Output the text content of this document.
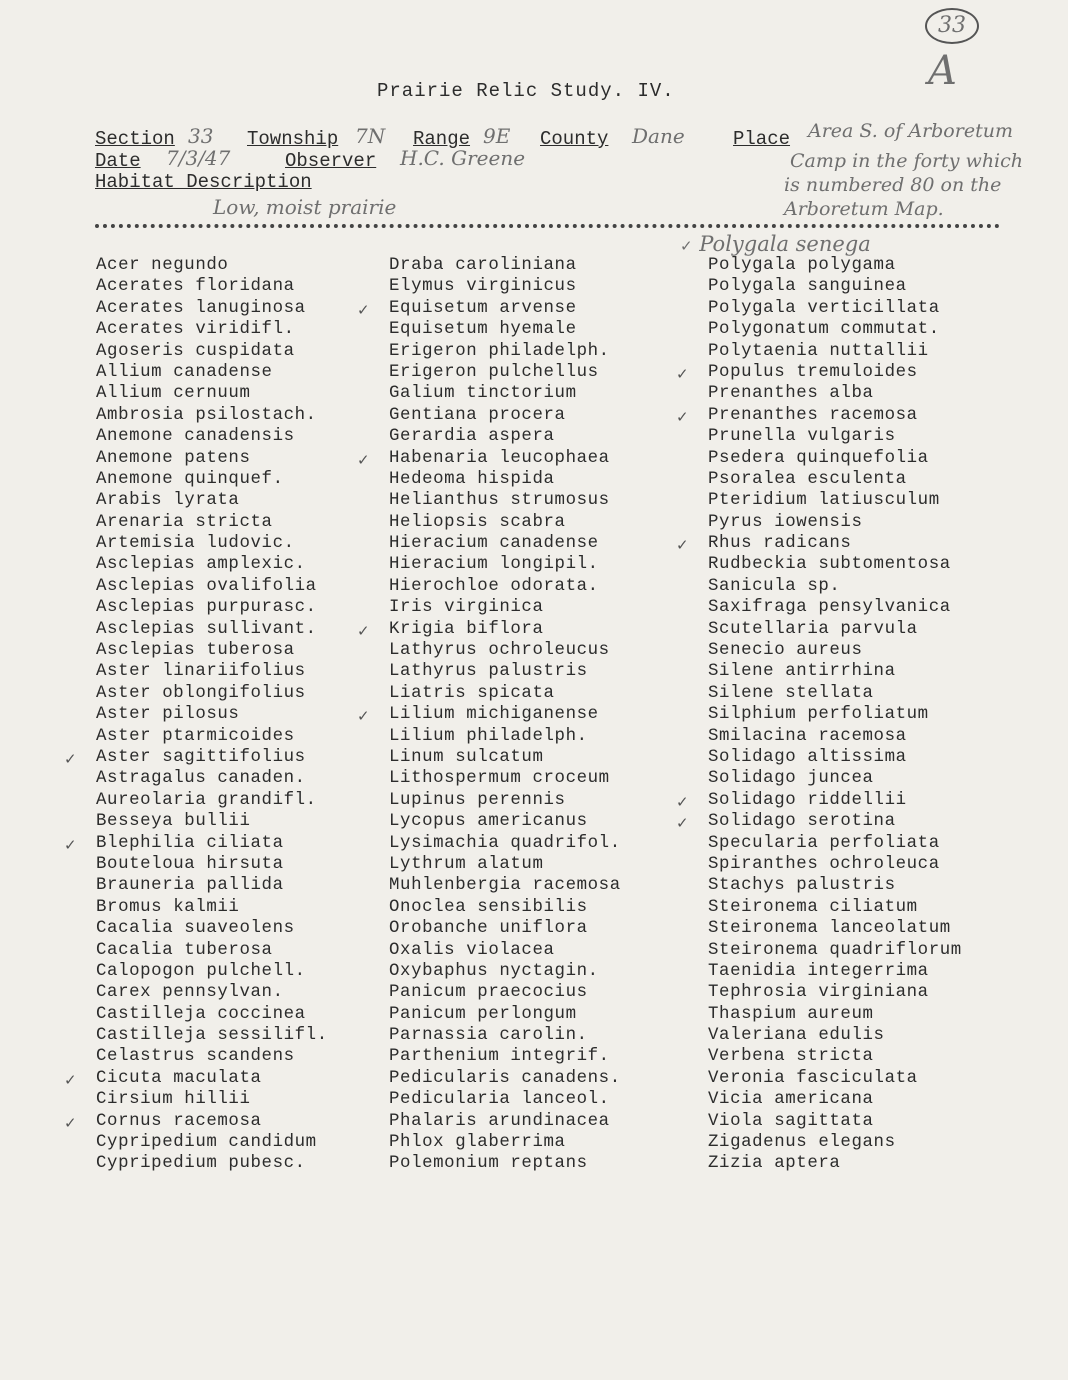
33
A
Prairie Relic Study. IV.
Section 33 Township 7N Range 9E County Dane	Place Area S. of Arboretum
Camp in the forty which
is numbered 80 on the
Arboretum Map.
Date 7/3/47	Observer H.C. Greene
Habitat Description
Low, moist prairie
✓ Polygala senega
Acer negundo
Acerates floridana
Acerates lanuginosa
Acerates viridifl.
Agoseris cuspidata
Allium canadense
Allium cernuum
Ambrosia psilostach.
Anemone canadensis
Anemone patens
Anemone quinquef.
Arabis lyrata
Arenaria stricta
Artemisia ludovic.
Asclepias amplexic.
Asclepias ovalifolia
Asclepias purpurasc.
Asclepias sullivant.
Asclepias tuberosa
Aster linariifolius
Aster oblongifolius
Aster pilosus
Aster ptarmicoides
✓ Aster sagittifolius
Astragalus canaden.
Aureolaria grandifl.
Besseya bullii
✓ Blephilia ciliata
Bouteloua hirsuta
Brauneria pallida
Bromus kalmii
Cacalia suaveolens
Cacalia tuberosa
Calopogon pulchell.
Carex pennsylvan.
Castilleja coccinea
Castilleja sessilifl.
Celastrus scandens
✓ Cicuta maculata
Cirsium hillii
✓ Cornus racemosa
Cypripedium candidum
Cypripedium pubesc.
Draba caroliniana
Elymus virginicus
✓ Equisetum arvense
Equisetum hyemale
Erigeron philadelph.
Erigeron pulchellus
Galium tinctorium
Gentiana procera
Gerardia aspera
✓ Habenaria leucophaea
Hedeoma hispida
Helianthus strumosus
Heliopsis scabra
Hieracium canadense
Hieracium longipil.
Hierochloe odorata.
Iris virginica
✓ Krigia biflora
Lathyrus ochroleucus
Lathyrus palustris
Liatris spicata
✓ Lilium michiganense
Lilium philadelph.
Linum sulcatum
Lithospermum croceum
Lupinus perennis
Lycopus americanus
Lysimachia quadrifol.
Lythrum alatum
Muhlenbergia racemosa
Onoclea sensibilis
Orobanche uniflora
Oxalis violacea
Oxybaphus nyctagin.
Panicum praecocius
Panicum perlongum
Parnassia carolin.
Parthenium integrif.
Pedicularis canadens.
Pedicularia lanceol.
Phalaris arundinacea
Phlox glaberrima
Polemonium reptans
Polygala polygama
Polygala sanguinea
Polygala verticillata
Polygonatum commutat.
Polytaenia nuttallii
✓ Populus tremuloides
Prenanthes alba
✓ Prenanthes racemosa
Prunella vulgaris
Psedera quinquefolia
Psoralea esculenta
Pteridium latiusculum
Pyrus iowensis
✓ Rhus radicans
Rudbeckia subtomentosa
Sanicula sp.
Saxifraga pensylvanica
Scutellaria parvula
Senecio aureus
Silene antirrhina
Silene stellata
Silphium perfoliatum
Smilacina racemosa
Solidago altissima
Solidago juncea
✓ Solidago riddellii
✓ Solidago serotina
Specularia perfoliata
Spiranthes ochroleuca
Stachys palustris
Steironema ciliatum
Steironema lanceolatum
Steironema quadriflorum
Taenidia integerrima
Tephrosia virginiana
Thaspium aureum
Valeriana edulis
Verbena stricta
Veronia fasciculata
Vicia americana
Viola sagittata
Zigadenus elegans
Zizia aptera
